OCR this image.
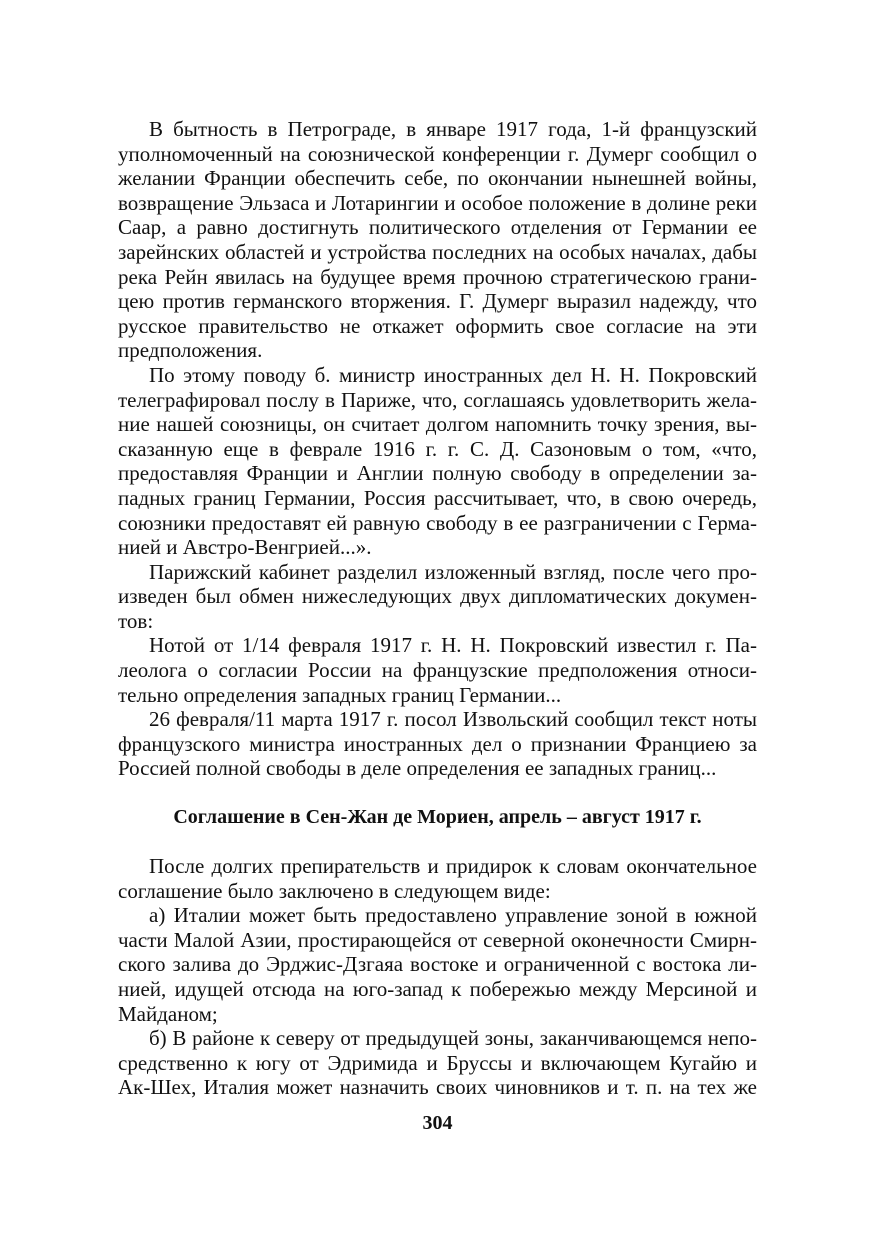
В бытность в Петрограде, в январе 1917 года, 1-й французский
уполномоченный на союзнической конференции г. Думерг сообщил о
желании Франции обеспечить себе, по окончании нынешней войны,
возвращение Эльзаса и Лотарингии и особое положение в долине реки
Саар, а равно достигнуть политического отделения от Германии ее
зарейнских областей и устройства последних на особых началах, дабы
река Рейн явилась на будущее время прочною стратегическою грани-
цею против германского вторжения. Г. Думерг выразил надежду, что
русское правительство не откажет оформить свое согласие на эти
предположения.
По этому поводу б. министр иностранных дел Н. Н. Покровский
телеграфировал послу в Париже, что, соглашаясь удовлетворить жела-
ние нашей союзницы, он считает долгом напомнить точку зрения, вы-
сказанную еще в феврале 1916 г. г. С. Д. Сазоновым о том, «что,
предоставляя Франции и Англии полную свободу в определении за-
падных границ Германии, Россия рассчитывает, что, в свою очередь,
союзники предоставят ей равную свободу в ее разграничении с Герма-
нией и Австро-Венгрией...».
Парижский кабинет разделил изложенный взгляд, после чего про-
изведен был обмен нижеследующих двух дипломатических докумен-
тов:
Нотой от 1/14 февраля 1917 г. Н. Н. Покровский известил г. Па-
леолога о согласии России на французские предположения относи-
тельно определения западных границ Германии...
26 февраля/11 марта 1917 г. посол Извольский сообщил текст ноты
французского министра иностранных дел о признании Франциею за
Россией полной свободы в деле определения ее западных границ...
Соглашение в Сен-Жан де Мориен, апрель – август 1917 г.
После долгих препирательств и придирок к словам окончательное
соглашение было заключено в следующем виде:
а) Италии может быть предоставлено управление зоной в южной
части Малой Азии, простирающейся от северной оконечности Смирн-
ского залива до Эрджис-Дзгаяа востоке и ограниченной с востока ли-
нией, идущей отсюда на юго-запад к побережью между Мерсиной и
Майданом;
б) В районе к северу от предыдущей зоны, заканчивающемся непо-
средственно к югу от Эдримида и Бруссы и включающем Кугайю и
Ак-Шех, Италия может назначить своих чиновников и т. п. на тех же
304
